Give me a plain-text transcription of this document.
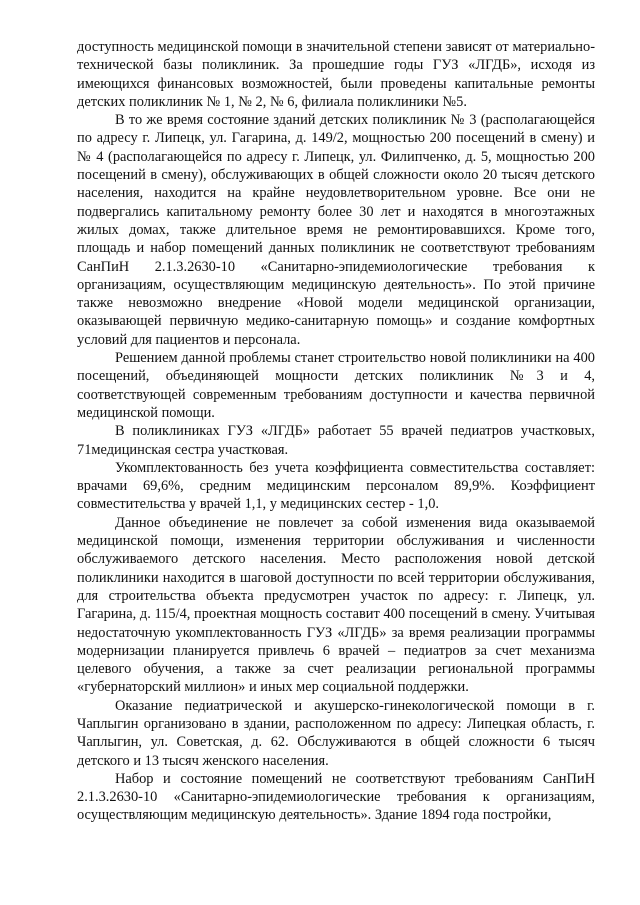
доступность медицинской помощи в значительной степени зависят от материально-технической базы поликлиник. За прошедшие годы ГУЗ «ЛГДБ», исходя из имеющихся финансовых возможностей, были проведены капитальные ремонты детских поликлиник № 1, № 2, № 6, филиала поликлиники №5.

В то же время состояние зданий детских поликлиник № 3 (располагающейся по адресу г. Липецк, ул. Гагарина, д. 149/2, мощностью 200 посещений в смену) и № 4 (располагающейся по адресу г. Липецк, ул. Филипченко, д. 5, мощностью 200 посещений в смену), обслуживающих в общей сложности около 20 тысяч детского населения, находится на крайне неудовлетворительном уровне. Все они не подвергались капитальному ремонту более 30 лет и находятся в многоэтажных жилых домах, также длительное время не ремонтировавшихся. Кроме того, площадь и набор помещений данных поликлиник не соответствуют требованиям СанПиН 2.1.3.2630-10 «Санитарно-эпидемиологические требования к организациям, осуществляющим медицинскую деятельность». По этой причине также невозможно внедрение «Новой модели медицинской организации, оказывающей первичную медико-санитарную помощь» и создание комфортных условий для пациентов и персонала.

Решением данной проблемы станет строительство новой поликлиники на 400 посещений, объединяющей мощности детских поликлиник №3 и 4, соответствующей современным требованиям доступности и качества первичной медицинской помощи.

В поликлиниках ГУЗ «ЛГДБ» работает 55 врачей педиатров участковых, 71медицинская сестра участковая.

Укомплектованность без учета коэффициента совместительства составляет: врачами 69,6%, средним медицинским персоналом 89,9%. Коэффициент совместительства у врачей 1,1, у медицинских сестер - 1,0.

Данное объединение не повлечет за собой изменения вида оказываемой медицинской помощи, изменения территории обслуживания и численности обслуживаемого детского населения. Место расположения новой детской поликлиники находится в шаговой доступности по всей территории обслуживания, для строительства объекта предусмотрен участок по адресу: г. Липецк, ул. Гагарина, д. 115/4, проектная мощность составит 400 посещений в смену. Учитывая недостаточную укомплектованность ГУЗ «ЛГДБ» за время реализации программы модернизации планируется привлечь 6 врачей – педиатров за счет механизма целевого обучения, а также за счет реализации региональной программы «губернаторский миллион» и иных мер социальной поддержки.

Оказание педиатрической и акушерско-гинекологической помощи в г. Чаплыгин организовано в здании, расположенном по адресу: Липецкая область, г. Чаплыгин, ул. Советская, д. 62. Обслуживаются в общей сложности 6 тысяч детского и 13 тысяч женского населения.

Набор и состояние помещений не соответствуют требованиям СанПиН 2.1.3.2630-10 «Санитарно-эпидемиологические требования к организациям, осуществляющим медицинскую деятельность». Здание 1894 года постройки,
